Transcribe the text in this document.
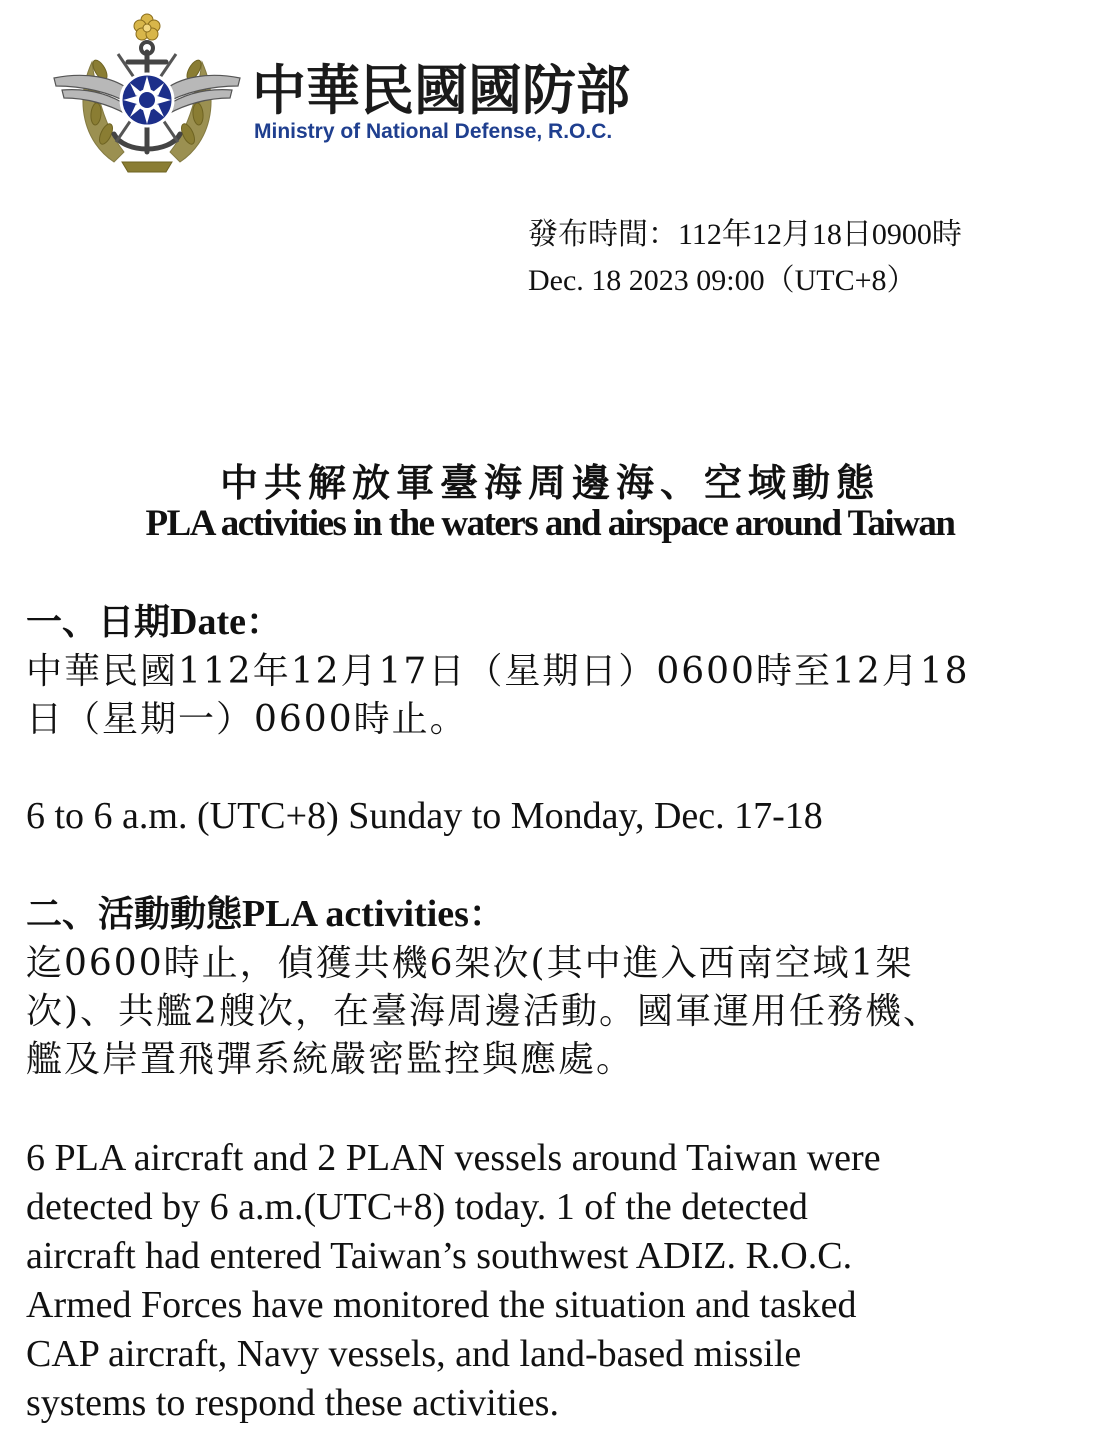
中華民國國防部
Ministry of National Defense, R.O.C.
發布時間：112年12月18日0900時
Dec. 18 2023 09:00（UTC+8）
中共解放軍臺海周邊海、空域動態
PLA activities in the waters and airspace around Taiwan
一、日期Date：

中華民國112年12月17日（星期日）0600時至12月18
日（星期一）0600時止。

6 to 6 a.m. (UTC+8) Sunday to Monday, Dec. 17-18

二、活動動態PLA activities：

迄0600時止，偵獲共機6架次(其中進入西南空域1架
次)、共艦2艘次，在臺海周邊活動。國軍運用任務機、
艦及岸置飛彈系統嚴密監控與應處。

6 PLA aircraft and 2 PLAN vessels around Taiwan were
detected by 6 a.m.(UTC+8) today. 1 of the detected
aircraft had entered Taiwan’s southwest ADIZ. R.O.C.
Armed Forces have monitored the situation and tasked
CAP aircraft, Navy vessels, and land-based missile
systems to respond these activities.
